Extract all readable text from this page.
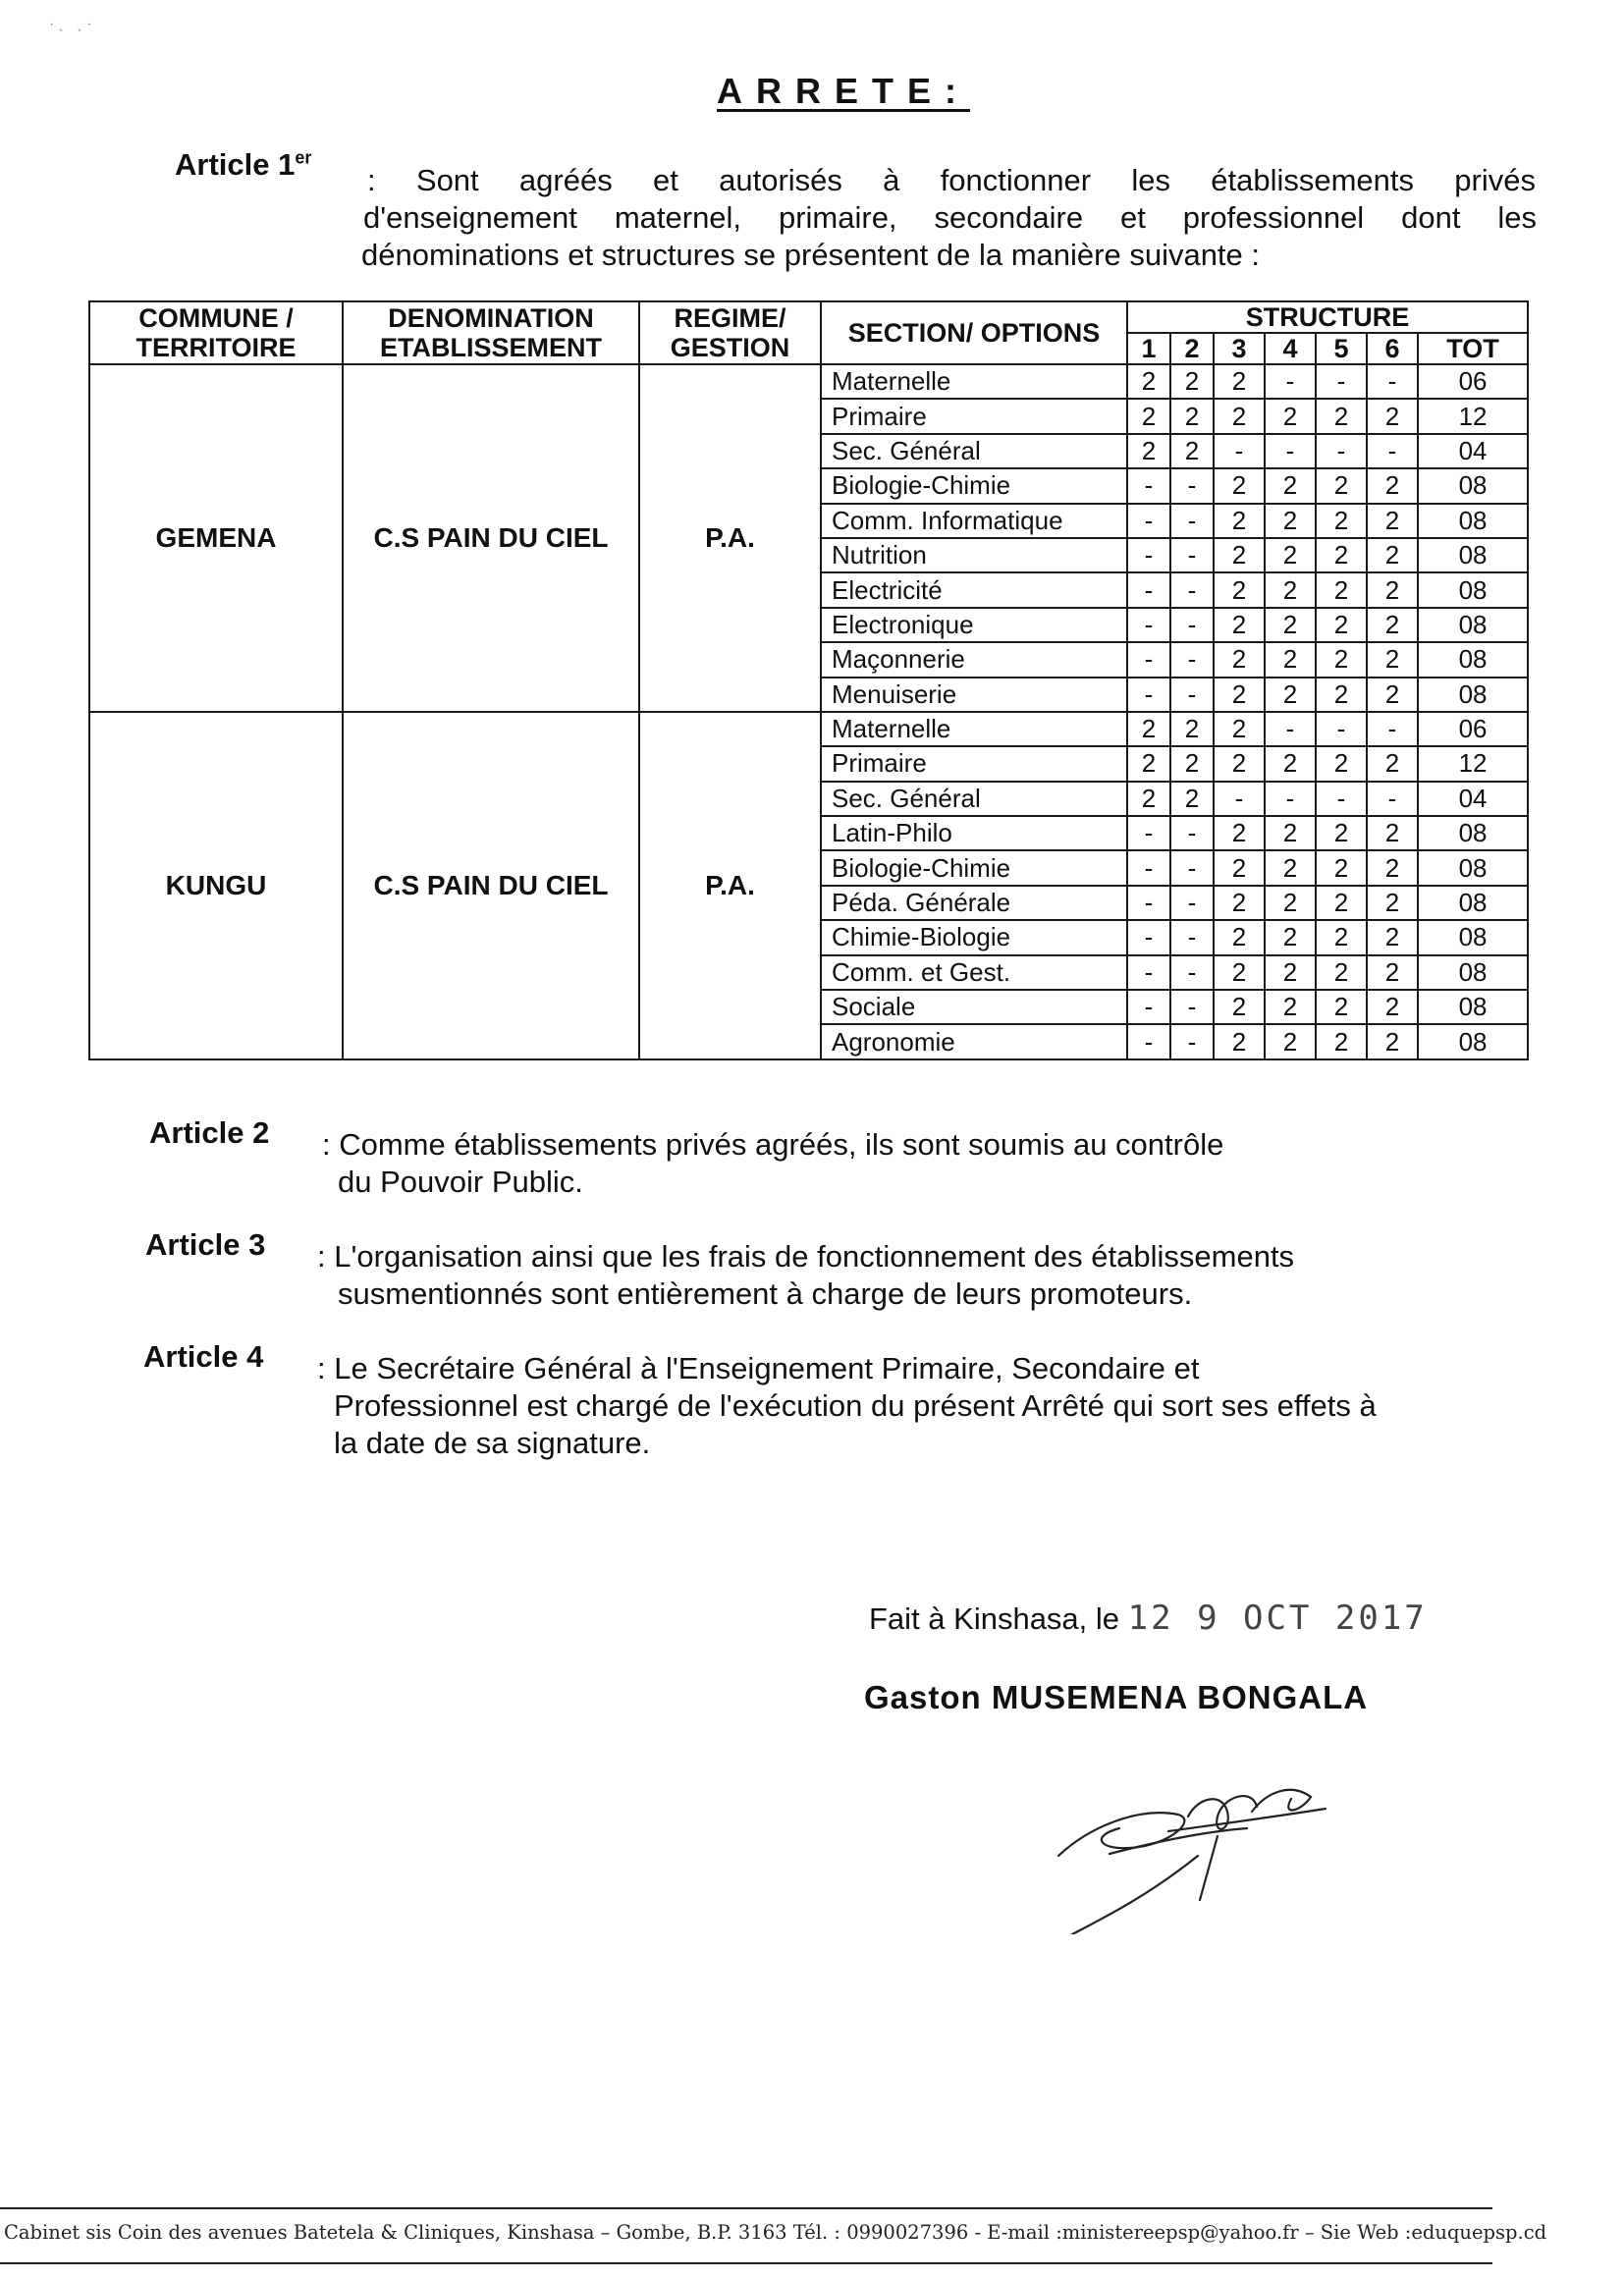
· ˎ   ˎ ·
ARRETE:
Article 1er
: Sont agréés et autorisés à fonctionner les établissements privés
d'enseignement maternel, primaire, secondaire et professionnel dont les
dénominations et structures se présentent de la manière suivante :
COMMUNE / TERRITOIRE	DENOMINATION ETABLISSEMENT	REGIME/ GESTION	SECTION/ OPTIONS	STRUCTURE						
				1	2	3	4	5	6	TOT
GEMENA	C.S PAIN DU CIEL	P.A.	Maternelle	2	2	2	-	-	-	06
			Primaire	2	2	2	2	2	2	12
			Sec. Général	2	2	-	-	-	-	04
			Biologie-Chimie	-	-	2	2	2	2	08
			Comm. Informatique	-	-	2	2	2	2	08
			Nutrition	-	-	2	2	2	2	08
			Electricité	-	-	2	2	2	2	08
			Electronique	-	-	2	2	2	2	08
			Maçonnerie	-	-	2	2	2	2	08
			Menuiserie	-	-	2	2	2	2	08
KUNGU	C.S PAIN DU CIEL	P.A.	Maternelle	2	2	2	-	-	-	06
			Primaire	2	2	2	2	2	2	12
			Sec. Général	2	2	-	-	-	-	04
			Latin-Philo	-	-	2	2	2	2	08
			Biologie-Chimie	-	-	2	2	2	2	08
			Péda. Générale	-	-	2	2	2	2	08
			Chimie-Biologie	-	-	2	2	2	2	08
			Comm. et Gest.	-	-	2	2	2	2	08
			Sociale	-	-	2	2	2	2	08
			Agronomie	-	-	2	2	2	2	08
Article 2 : Comme établissements privés agréés, ils sont soumis au contrôle
du Pouvoir Public.
Article 3 : L'organisation ainsi que les frais de fonctionnement des établissements
susmentionnés sont entièrement à charge de leurs promoteurs.
Article 4 : Le Secrétaire Général à l'Enseignement Primaire, Secondaire et
Professionnel est chargé de l'exécution du présent Arrêté qui sort ses effets à
la date de sa signature.
Fait à Kinshasa, le 12 9 OCT 2017
Gaston MUSEMENA BONGALA
Cabinet sis Coin des avenues Batetela & Cliniques, Kinshasa – Gombe, B.P. 3163 Tél. : 0990027396 - E-mail :ministereepsp@yahoo.fr – Sie Web :eduquepsp.cd
